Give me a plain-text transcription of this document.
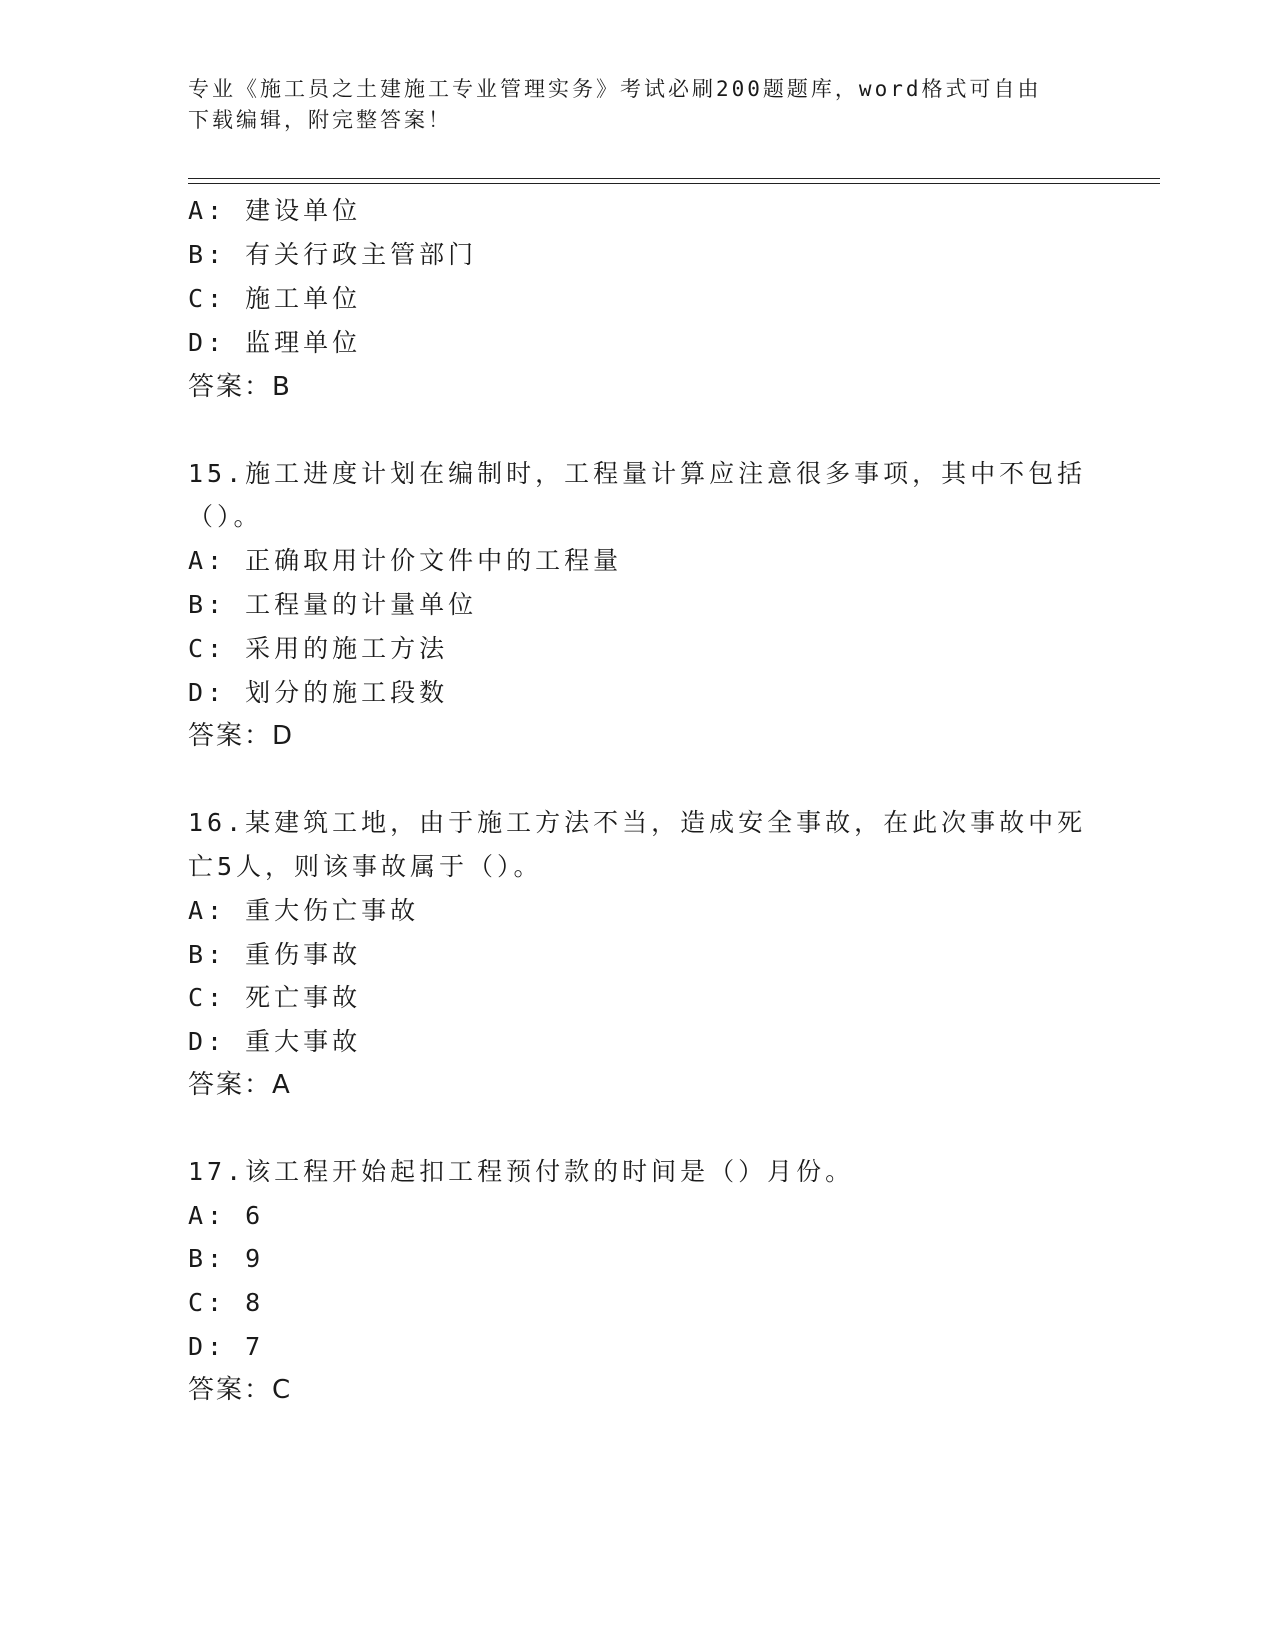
专业《施工员之土建施工专业管理实务》考试必刷200题题库，word格式可自由
下载编辑，附完整答案！
A: 建设单位
B: 有关行政主管部门
C: 施工单位
D: 监理单位
答案：B
15.施工进度计划在编制时，工程量计算应注意很多事项，其中不包括
（）。
A: 正确取用计价文件中的工程量
B: 工程量的计量单位
C: 采用的施工方法
D: 划分的施工段数
答案：D
16.某建筑工地，由于施工方法不当，造成安全事故，在此次事故中死
亡5人，则该事故属于（）。
A: 重大伤亡事故
B: 重伤事故
C: 死亡事故
D: 重大事故
答案：A
17.该工程开始起扣工程预付款的时间是（）月份。
A: 6
B: 9
C: 8
D: 7
答案：C
